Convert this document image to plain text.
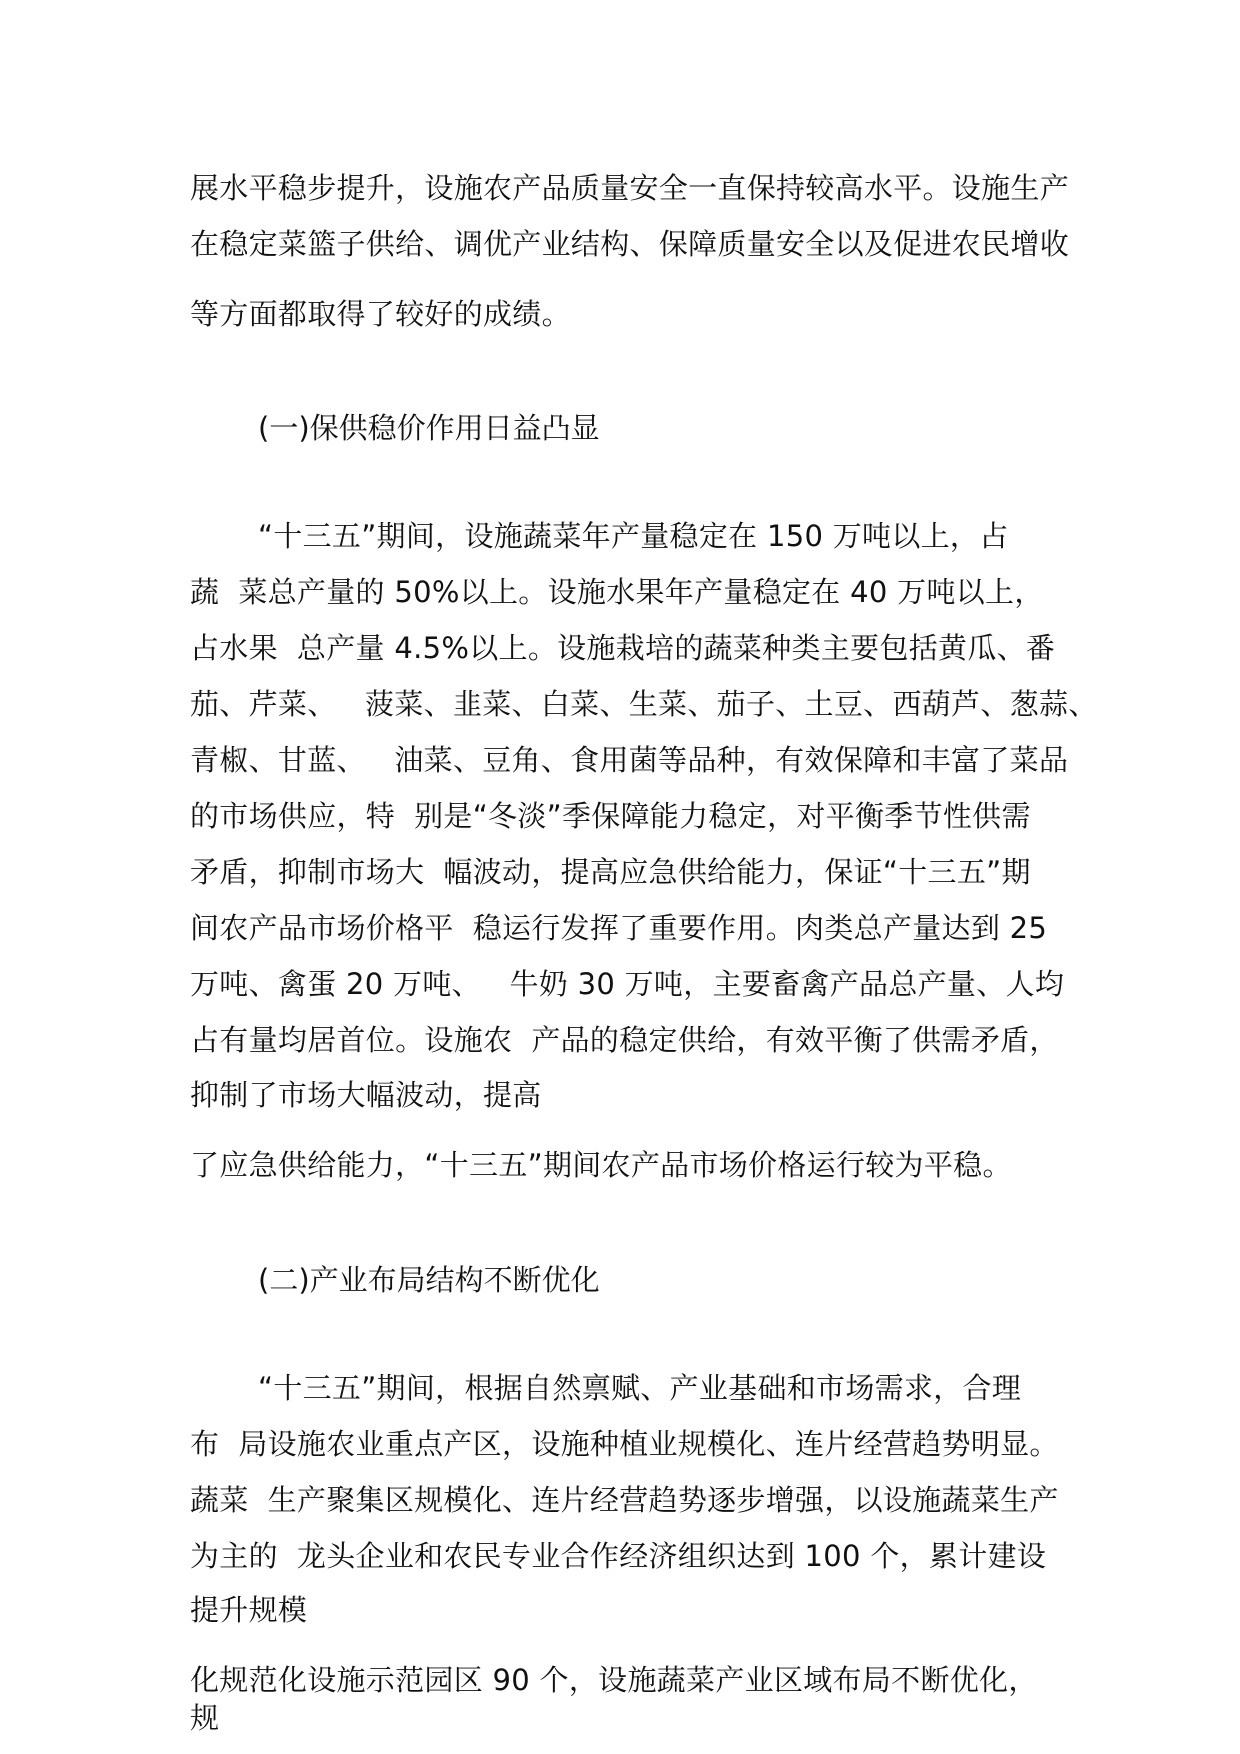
展水平稳步提升，设施农产品质量安全一直保持较高水平。设施生产

在稳定菜篮子供给、调优产业结构、保障质量安全以及促进农民增收

等方面都取得了较好的成绩。

(一)保供稳价作用日益凸显

“十三五”期间，设施蔬菜年产量稳定在 150 万吨以上，占

蔬  菜总产量的 50%以上。设施水果年产量稳定在 40 万吨以上，

占水果  总产量 4.5%以上。设施栽培的蔬菜种类主要包括黄瓜、番

茄、芹菜、   菠菜、韭菜、白菜、生菜、茄子、土豆、西葫芦、葱蒜、

青椒、甘蓝、   油菜、豆角、食用菌等品种，有效保障和丰富了菜品

的市场供应，特  别是“冬淡”季保障能力稳定，对平衡季节性供需

矛盾，抑制市场大  幅波动，提高应急供给能力，保证“十三五”期

间农产品市场价格平  稳运行发挥了重要作用。肉类总产量达到 25

万吨、禽蛋 20 万吨、   牛奶 30 万吨，主要畜禽产品总产量、人均

占有量均居首位。设施农  产品的稳定供给，有效平衡了供需矛盾，

抑制了市场大幅波动，提高

了应急供给能力，“十三五”期间农产品市场价格运行较为平稳。

(二)产业布局结构不断优化

“十三五”期间，根据自然禀赋、产业基础和市场需求，合理

布  局设施农业重点产区，设施种植业规模化、连片经营趋势明显。

蔬菜  生产聚集区规模化、连片经营趋势逐步增强，以设施蔬菜生产

为主的  龙头企业和农民专业合作经济组织达到 100 个，累计建设

提升规模

化规范化设施示范园区 90 个，设施蔬菜产业区域布局不断优化，

规
